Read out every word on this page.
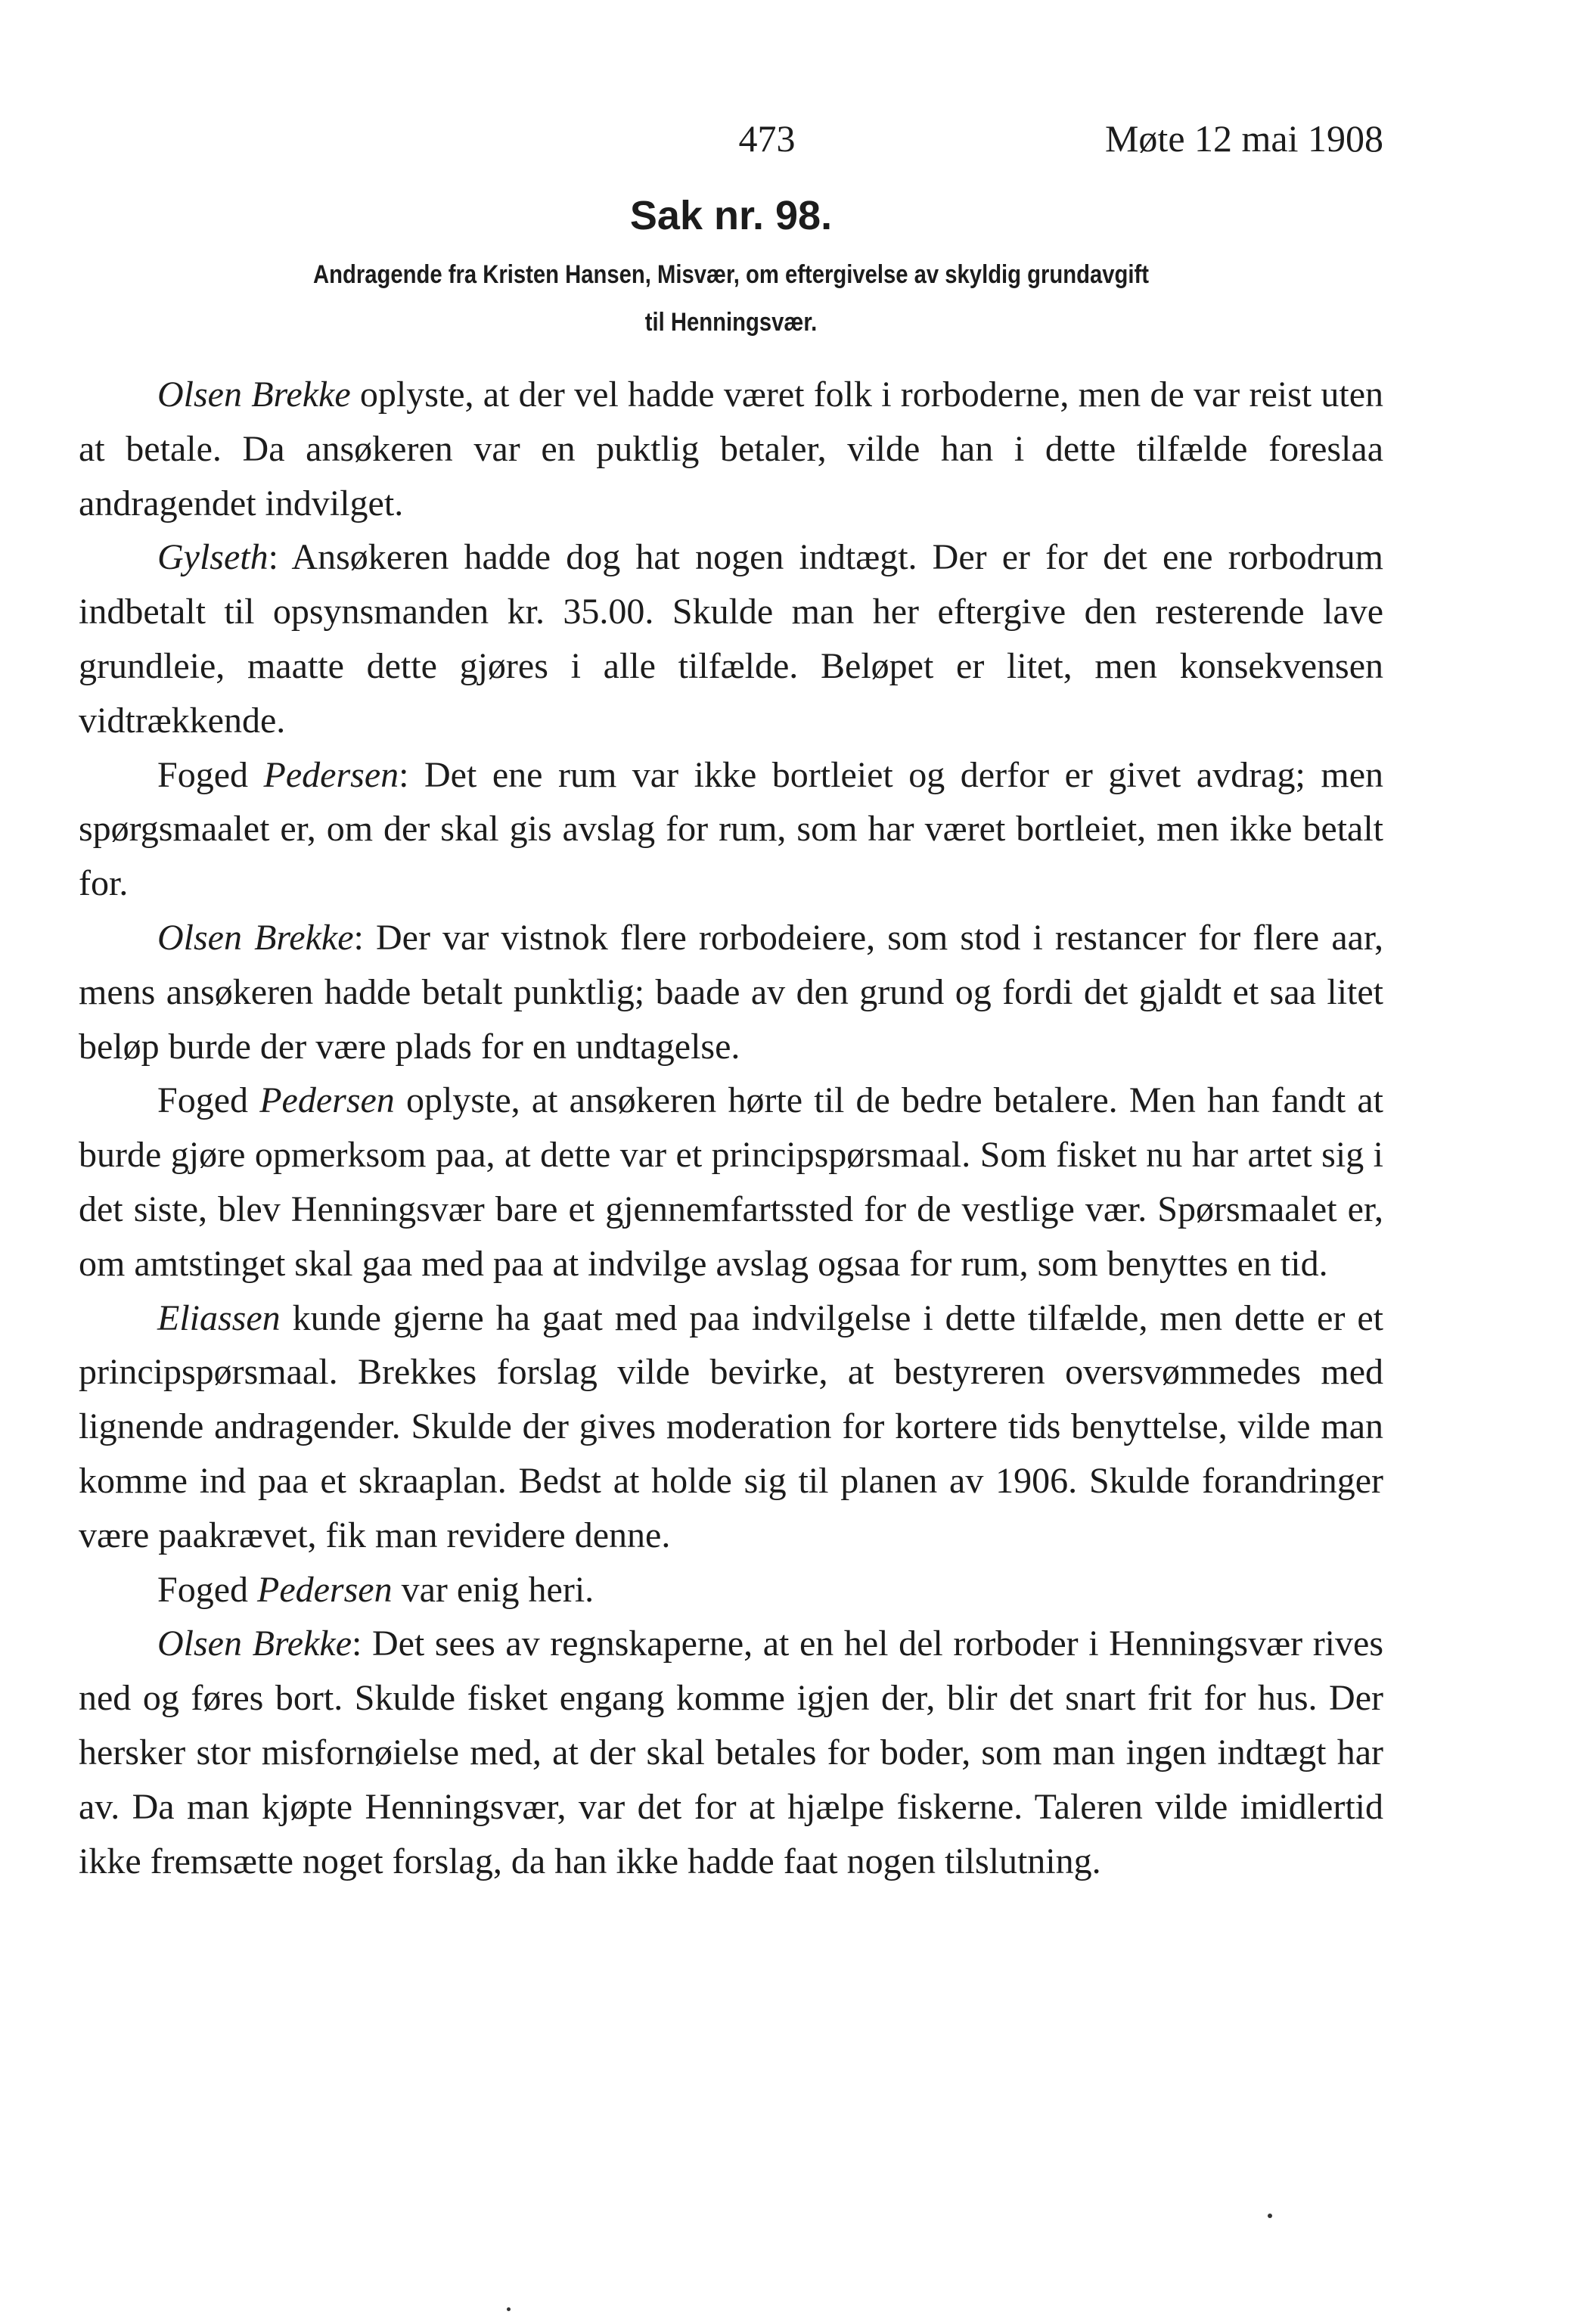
473	Møte 12 mai 1908
Sak nr. 98.
Andragende fra Kristen Hansen, Misvær, om eftergivelse av skyldig grundavgift
til Henningsvær.

Olsen Brekke oplyste, at der vel hadde været folk i rorboderne, men de var reist uten at betale. Da ansøkeren var en puktlig betaler, vilde han i dette tilfælde foreslaa andragendet indvilget.

Gylseth: Ansøkeren hadde dog hat nogen indtægt. Der er for det ene rorbodrum indbetalt til opsynsmanden kr. 35.00. Skulde man her eftergive den resterende lave grundleie, maatte dette gjøres i alle tilfælde. Beløpet er litet, men konsekvensen vidtrækkende.

Foged Pedersen: Det ene rum var ikke bortleiet og derfor er givet avdrag; men spørgsmaalet er, om der skal gis avslag for rum, som har været bortleiet, men ikke betalt for.

Olsen Brekke: Der var vistnok flere rorbodeiere, som stod i restancer for flere aar, mens ansøkeren hadde betalt punktlig; baade av den grund og fordi det gjaldt et saa litet beløp burde der være plads for en undtagelse.

Foged Pedersen oplyste, at ansøkeren hørte til de bedre betalere. Men han fandt at burde gjøre opmerksom paa, at dette var et principspørsmaal. Som fisket nu har artet sig i det siste, blev Henningsvær bare et gjennemfartssted for de vestlige vær. Spørsmaalet er, om amtstinget skal gaa med paa at indvilge avslag ogsaa for rum, som benyttes en tid.

Eliassen kunde gjerne ha gaat med paa indvilgelse i dette tilfælde, men dette er et principspørsmaal. Brekkes forslag vilde bevirke, at bestyreren oversvømmedes med lignende andragender. Skulde der gives moderation for kortere tids benyttelse, vilde man komme ind paa et skraaplan. Bedst at holde sig til planen av 1906. Skulde forandringer være paakrævet, fik man revidere denne.

Foged Pedersen var enig heri.

Olsen Brekke: Det sees av regnskaperne, at en hel del rorboder i Henningsvær rives ned og føres bort. Skulde fisket engang komme igjen der, blir det snart frit for hus. Der hersker stor misfornøielse med, at der skal betales for boder, som man ingen indtægt har av. Da man kjøpte Henningsvær, var det for at hjælpe fiskerne. Taleren vilde imidlertid ikke fremsætte noget forslag, da han ikke hadde faat nogen tilslutning.
